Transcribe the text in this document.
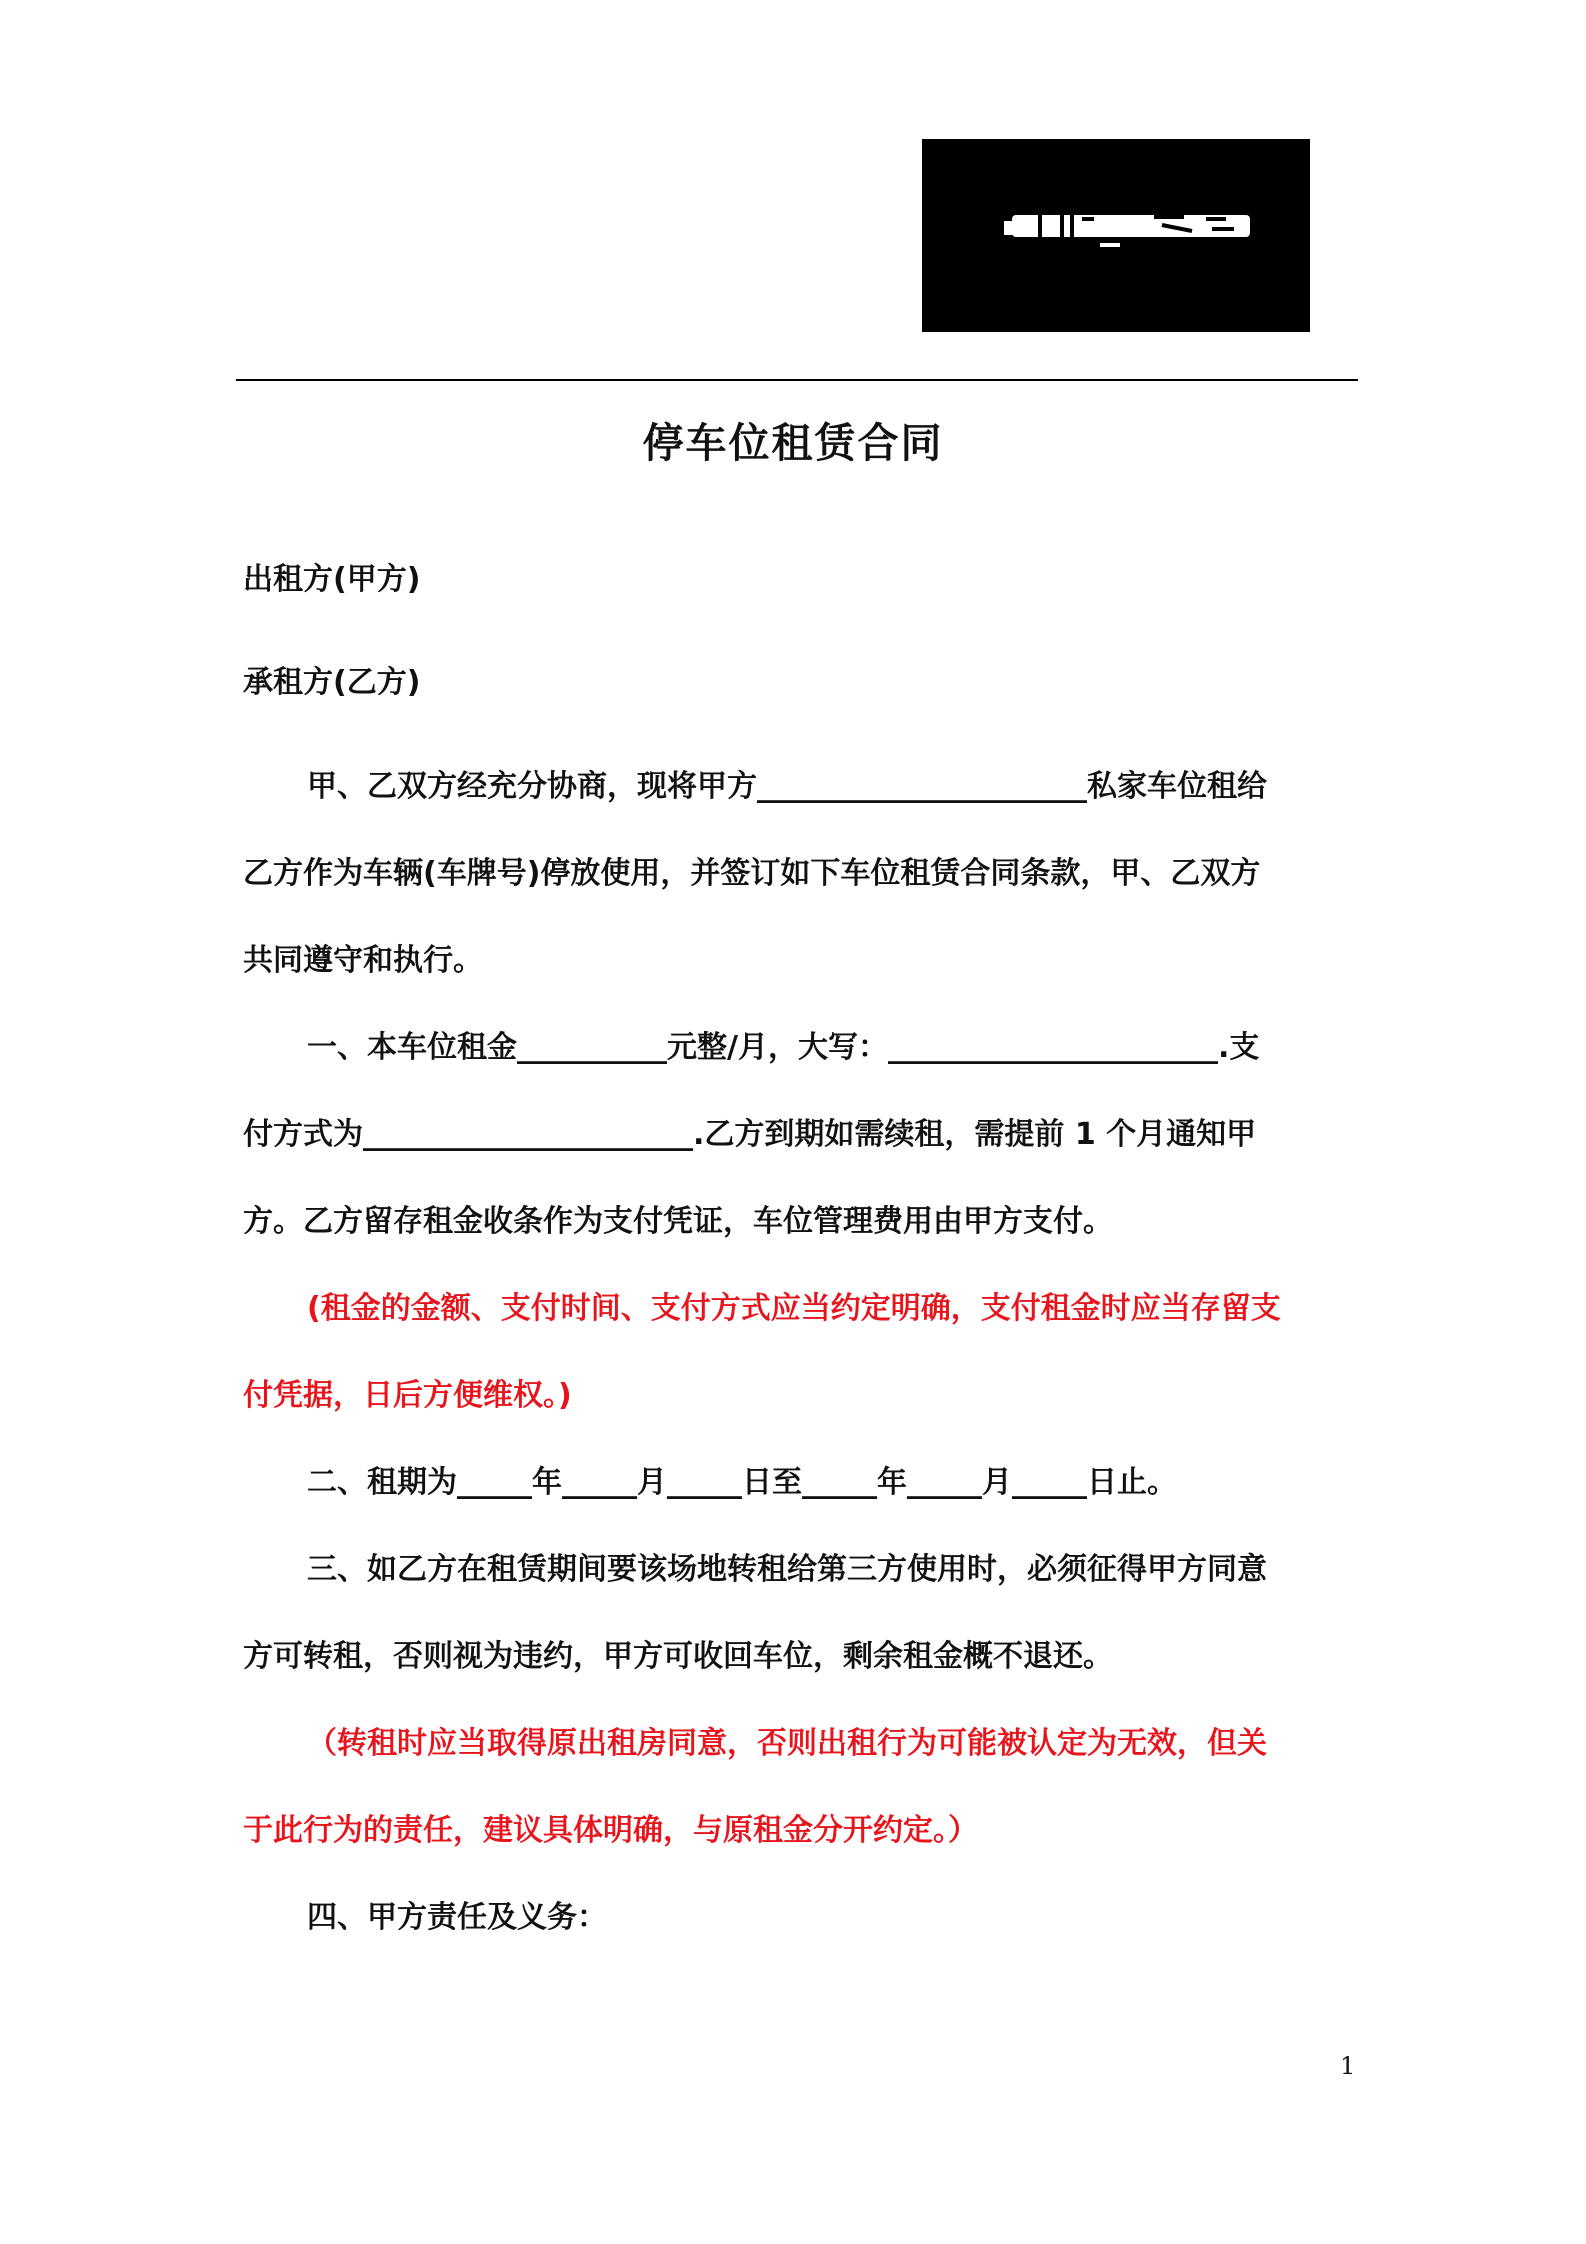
停车位租赁合同
出租方(甲方)
承租方(乙方)
甲、乙双方经充分协商，现将甲方______________________私家车位租给
乙方作为车辆(车牌号)停放使用，并签订如下车位租赁合同条款，甲、乙双方
共同遵守和执行。
一、本车位租金__________元整/月，大写：______________________.支
付方式为______________________.乙方到期如需续租，需提前 1 个月通知甲
方。乙方留存租金收条作为支付凭证，车位管理费用由甲方支付。
(租金的金额、支付时间、支付方式应当约定明确，支付租金时应当存留支
付凭据，日后方便维权。)
二、租期为_____年_____月_____日至_____年_____月_____日止。
三、如乙方在租赁期间要该场地转租给第三方使用时，必须征得甲方同意
方可转租，否则视为违约，甲方可收回车位，剩余租金概不退还。
（转租时应当取得原出租房同意，否则出租行为可能被认定为无效，但关
于此行为的责任，建议具体明确，与原租金分开约定。）
四、甲方责任及义务：
1
